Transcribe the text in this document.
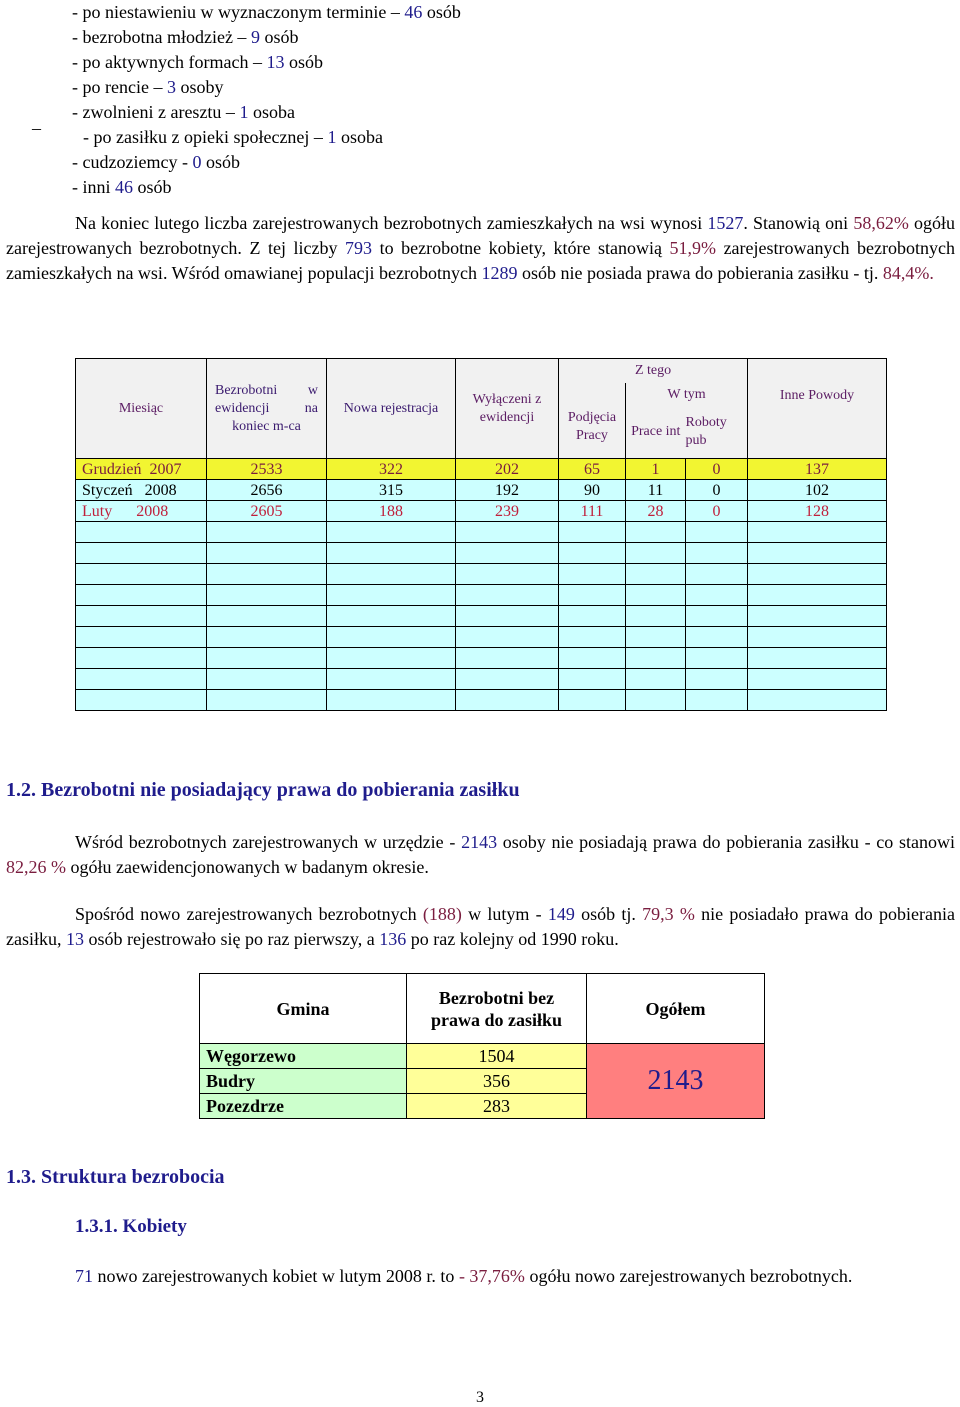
- po niestawieniu w wyznaczonym terminie – 46 osób
- bezrobotna młodzież – 9 osób
- po aktywnych formach – 13 osób
- po rencie – 3 osoby
- zwolnieni z aresztu – 1 osoba
- po zasiłku z opieki społecznej – 1 osoba
- cudzoziemcy - 0 osób
- inni 46 osób
–
Na koniec lutego liczba zarejestrowanych bezrobotnych zamieszkałych na wsi wynosi 1527. Stanowią oni 58,62% ogółu zarejestrowanych bezrobotnych. Z tej liczby 793 to bezrobotne kobiety, które stanowią 51,9% zarejestrowanych bezrobotnych zamieszkałych na wsi. Wśród omawianej populacji bezrobotnych 1289 osób nie posiada prawa do pobierania zasiłku - tj. 84,4%.
Miesiąc	Bezrobotni w ewidencji na koniec m-ca	Nowa rejestracja	Wyłączeni z ewidencji	Z tego			Inne Powody
				Podjęcia Pracy	W tym		
					Prace int	Roboty pub	
Grudzień 2007	2533	322	202	65	1	0	137
Styczeń 2008	2656	315	192	90	11	0	102
Luty 2008	2605	188	239	111	28	0	128

1.2. Bezrobotni nie posiadający prawa do pobierania zasiłku
Wśród bezrobotnych zarejestrowanych w urzędzie - 2143 osoby nie posiadają prawa do pobierania zasiłku - co stanowi 82,26 % ogółu zaewidencjonowanych w badanym okresie.
Spośród nowo zarejestrowanych bezrobotnych (188) w lutym - 149 osób tj. 79,3 % nie posiadało prawa do pobierania zasiłku, 13 osób rejestrowało się po raz pierwszy, a 136 po raz kolejny od 1990 roku.
Gmina	Bezrobotni bez prawa do zasiłku	Ogółem
Węgorzewo	1504	2143
Budry	356	
Pozezdrze	283	
1.3. Struktura bezrobocia
1.3.1. Kobiety
71 nowo zarejestrowanych kobiet w lutym 2008 r. to - 37,76% ogółu nowo zarejestrowanych bezrobotnych.
3
